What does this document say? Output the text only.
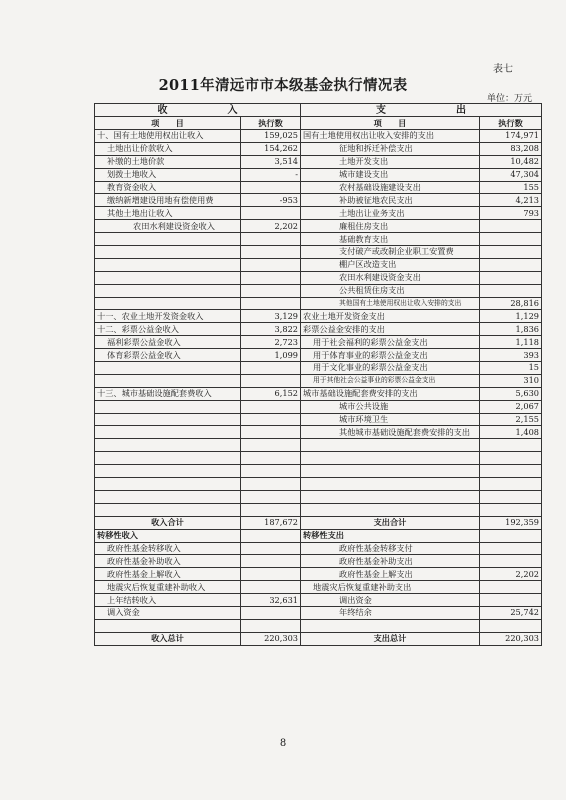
表七
2011年清远市市本级基金执行情况表
单位：万元
收　　　　　　入		支　　　　　　　出	
项　　目	执行数	项　　目	执行数
十、国有土地使用权出让收入	159,025	国有土地使用权出让收入安排的支出	174,971
土地出让价款收入	154,262	征地和拆迁补偿支出	83,208
补缴的土地价款	3,514	土地开发支出	10,482
划拨土地收入	-	城市建设支出	47,304
教育资金收入		农村基础设施建设支出	155
缴纳新增建设用地有偿使用费	-953	补助被征地农民支出	4,213
其他土地出让收入		土地出让业务支出	793
农田水利建设资金收入	2,202	廉租住房支出	
		基础教育支出	
		支付破产或改制企业职工安置费	
		棚户区改造支出	
		农田水利建设资金支出	
		公共租赁住房支出	
		其他国有土地使用权出让收入安排的支出	28,816
十一、农业土地开发资金收入	3,129	农业土地开发资金支出	1,129
十二、彩票公益金收入	3,822	彩票公益金安排的支出	1,836
福利彩票公益金收入	2,723	用于社会福利的彩票公益金支出	1,118
体育彩票公益金收入	1,099	用于体育事业的彩票公益金支出	393
		用于文化事业的彩票公益金支出	15
		用于其他社会公益事业的彩票公益金支出	310
十三、城市基础设施配套费收入	6,152	城市基础设施配套费安排的支出	5,630
		城市公共设施	2,067
		城市环境卫生	2,155
		其他城市基础设施配套费安排的支出	1,408

收入合计	187,672	支出合计	192,359
转移性收入		转移性支出	
政府性基金转移收入		政府性基金转移支付	
政府性基金补助收入		政府性基金补助支出	
政府性基金上解收入		政府性基金上解支出	2,202
地震灾后恢复重建补助收入		地震灾后恢复重建补助支出	
上年结转收入	32,631	调出资金	
调入资金		年终结余	25,742

收入总计	220,303	支出总计	220,303
8
